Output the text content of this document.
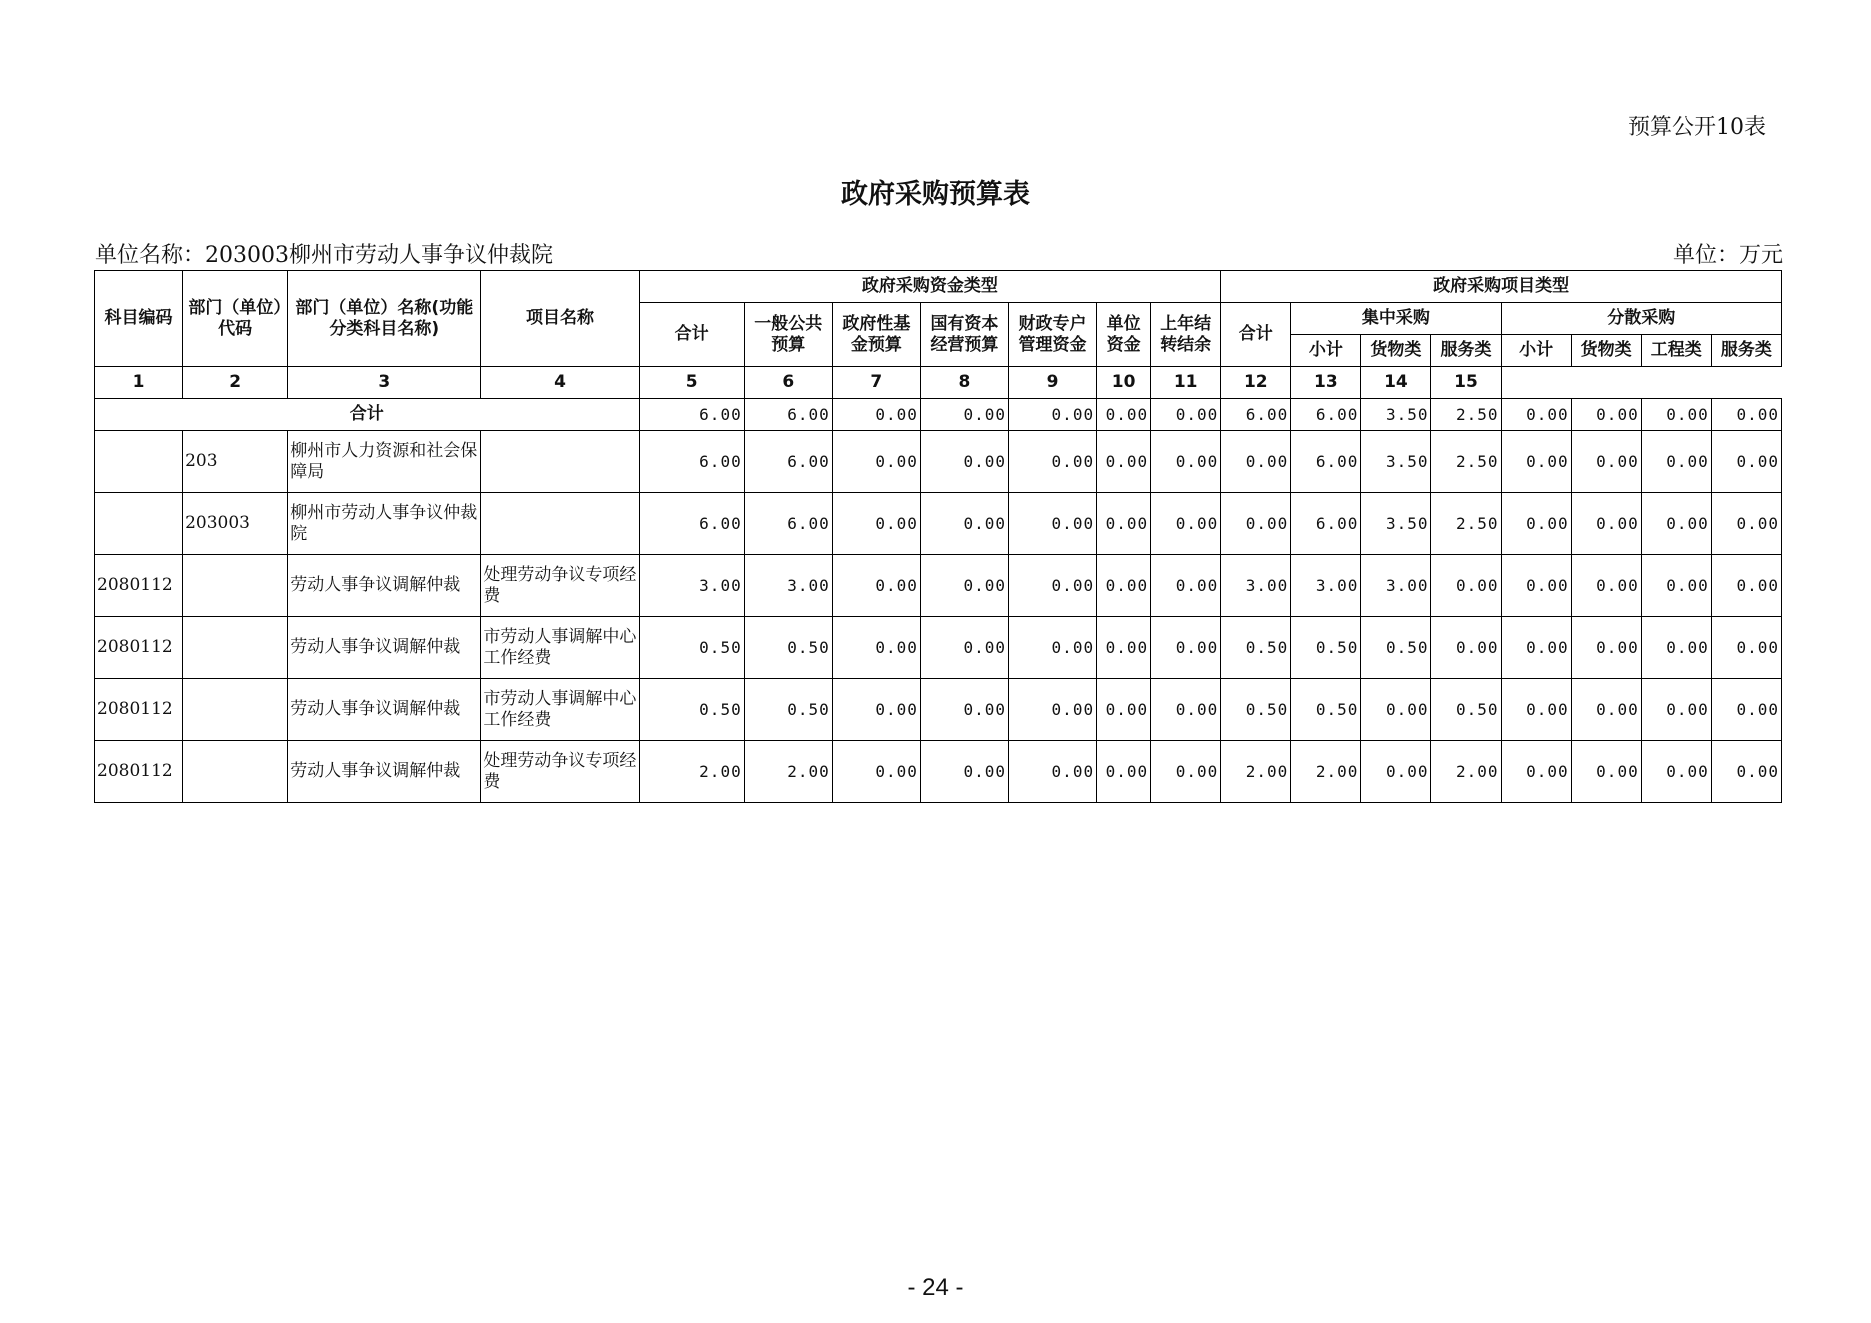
预算公开10表
政府采购预算表
单位名称：203003柳州市劳动人事争议仲裁院	单位：万元
科目编码	部门（单位）代码	部门（单位）名称(功能分类科目名称)	项目名称	政府采购资金类型							政府采购项目类型							
				合计	一般公共预算	政府性基金预算	国有资本经营预算	财政专户管理资金	单位资金	上年结转结余	合计	集中采购			分散采购			
												小计	货物类	服务类	小计	货物类	工程类	服务类
1	2	3	4	5	6	7	8	9	10	11	12	13	14	15				
合计				6.00	6.00	0.00	0.00	0.00	0.00	0.00	6.00	6.00	3.50	2.50	0.00	0.00	0.00	0.00
	203	柳州市人力资源和社会保障局		6.00	6.00	0.00	0.00	0.00	0.00	0.00	0.00	6.00	3.50	2.50	0.00	0.00	0.00	0.00
	203003	柳州市劳动人事争议仲裁院		6.00	6.00	0.00	0.00	0.00	0.00	0.00	0.00	6.00	3.50	2.50	0.00	0.00	0.00	0.00
2080112		劳动人事争议调解仲裁	处理劳动争议专项经费	3.00	3.00	0.00	0.00	0.00	0.00	0.00	3.00	3.00	3.00	0.00	0.00	0.00	0.00	0.00
2080112		劳动人事争议调解仲裁	市劳动人事调解中心工作经费	0.50	0.50	0.00	0.00	0.00	0.00	0.00	0.50	0.50	0.50	0.00	0.00	0.00	0.00	0.00
2080112		劳动人事争议调解仲裁	市劳动人事调解中心工作经费	0.50	0.50	0.00	0.00	0.00	0.00	0.00	0.50	0.50	0.00	0.50	0.00	0.00	0.00	0.00
2080112		劳动人事争议调解仲裁	处理劳动争议专项经费	2.00	2.00	0.00	0.00	0.00	0.00	0.00	2.00	2.00	0.00	2.00	0.00	0.00	0.00	0.00
- 24 -
